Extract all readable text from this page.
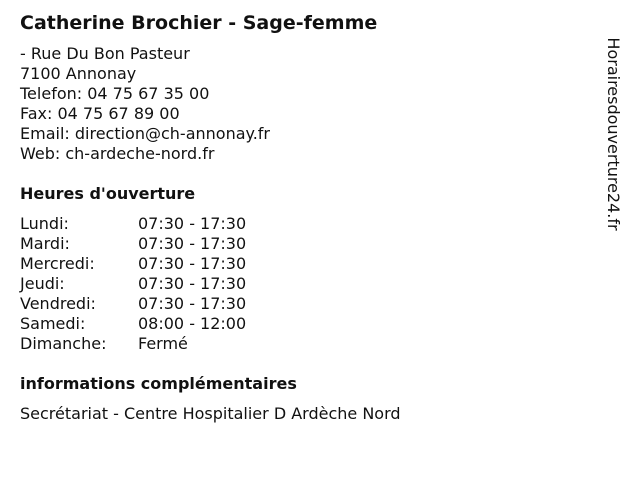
Catherine Brochier - Sage-femme
- Rue Du Bon Pasteur
7100 Annonay
Telefon: 04 75 67 35 00
Fax: 04 75 67 89 00
Email: direction@ch-annonay.fr
Web: ch-ardeche-nord.fr
Heures d'ouverture
Lundi:	07:30 - 17:30
Mardi:	07:30 - 17:30
Mercredi:	07:30 - 17:30
Jeudi:	07:30 - 17:30
Vendredi:	07:30 - 17:30
Samedi:	08:00 - 12:00
Dimanche:	Fermé
informations complémentaires
Secrétariat - Centre Hospitalier D Ardèche Nord
Horairesdouverture24.fr
